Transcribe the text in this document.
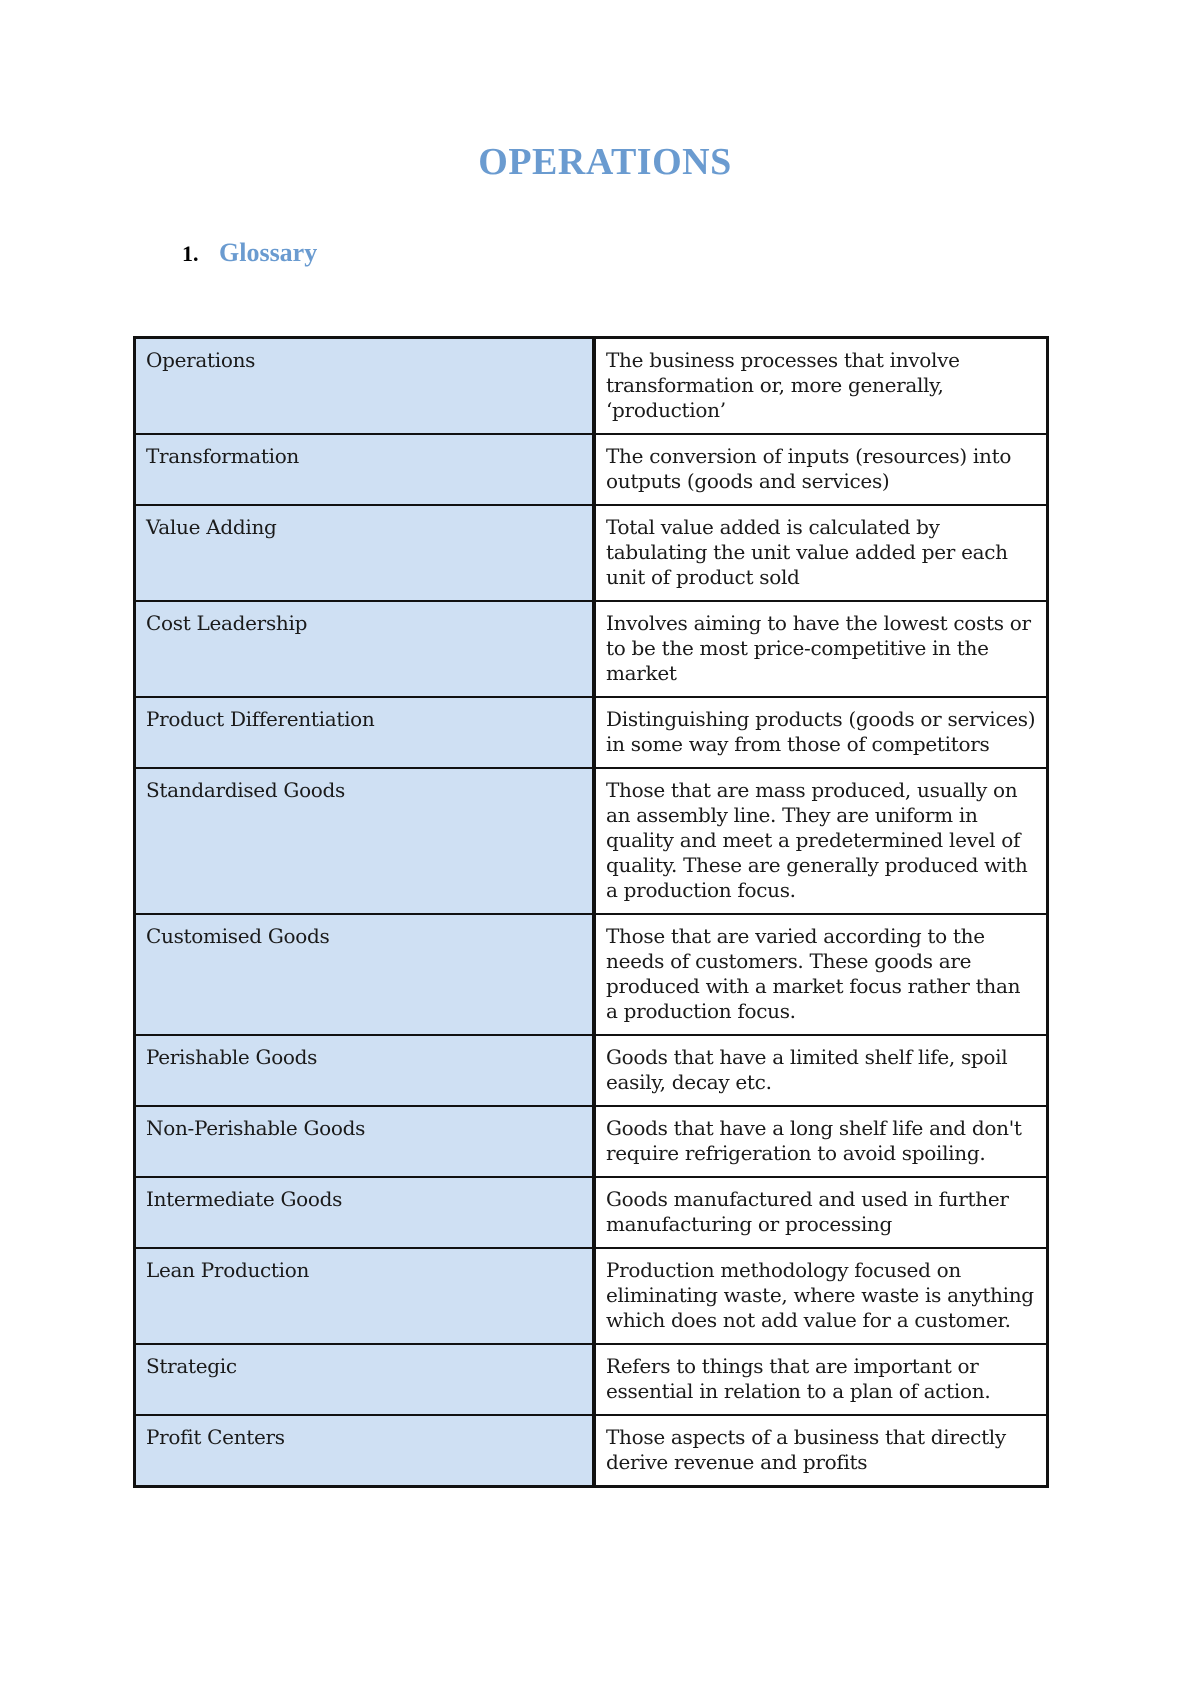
OPERATIONS
1. Glossary
Operations	The business processes that involve transformation or, more generally, ‘production’
Transformation	The conversion of inputs (resources) into outputs (goods and services)
Value Adding	Total value added is calculated by tabulating the unit value added per each unit of product sold
Cost Leadership	Involves aiming to have the lowest costs or to be the most price-competitive in the market
Product Differentiation	Distinguishing products (goods or services) in some way from those of competitors
Standardised Goods	Those that are mass produced, usually on an assembly line. They are uniform in quality and meet a predetermined level of quality. These are generally produced with a production focus.
Customised Goods	Those that are varied according to the needs of customers. These goods are produced with a market focus rather than a production focus.
Perishable Goods	Goods that have a limited shelf life, spoil easily, decay etc.
Non-Perishable Goods	Goods that have a long shelf life and don't require refrigeration to avoid spoiling.
Intermediate Goods	Goods manufactured and used in further manufacturing or processing
Lean Production	Production methodology focused on eliminating waste, where waste is anything which does not add value for a customer.
Strategic	Refers to things that are important or essential in relation to a plan of action.
Profit Centers	Those aspects of a business that directly derive revenue and profits
